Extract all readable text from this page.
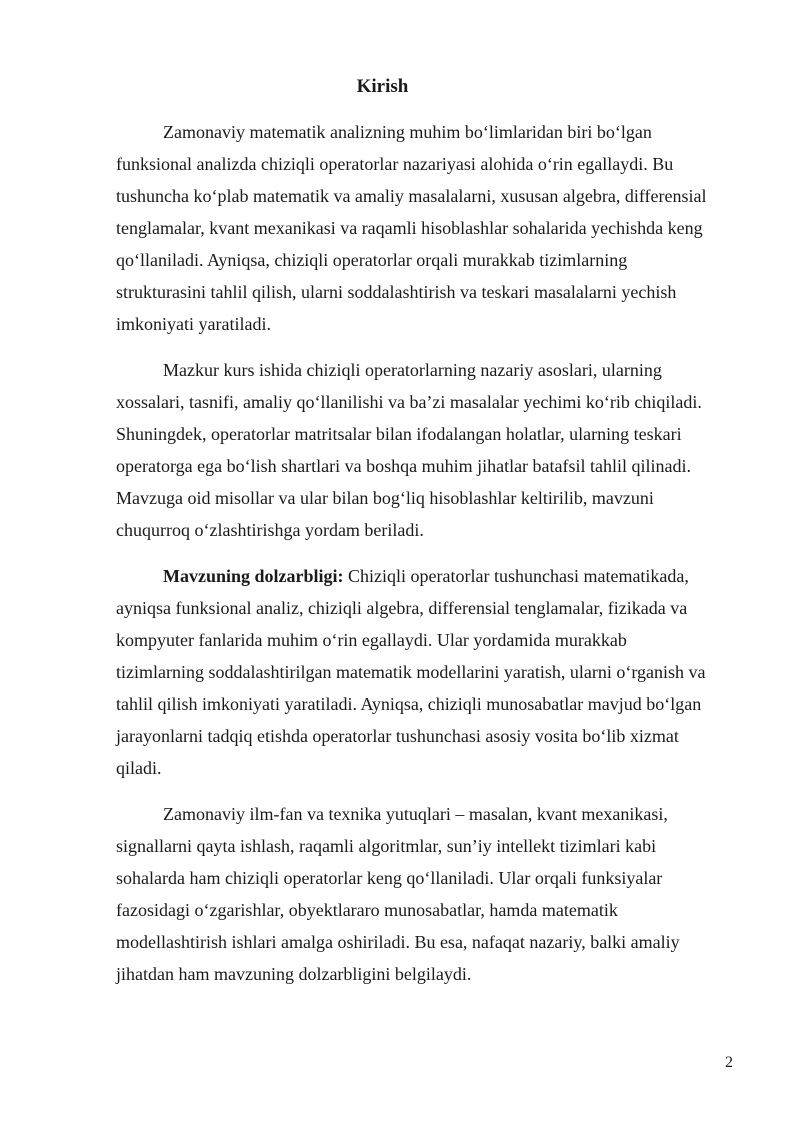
Kirish

Zamonaviy matematik analizning muhim bo‘limlaridan biri bo‘lgan
funksional analizda chiziqli operatorlar nazariyasi alohida o‘rin egallaydi. Bu
tushuncha ko‘plab matematik va amaliy masalalarni, xususan algebra, differensial
tenglamalar, kvant mexanikasi va raqamli hisoblashlar sohalarida yechishda keng
qo‘llaniladi. Ayniqsa, chiziqli operatorlar orqali murakkab tizimlarning
strukturasini tahlil qilish, ularni soddalashtirish va teskari masalalarni yechish
imkoniyati yaratiladi.

Mazkur kurs ishida chiziqli operatorlarning nazariy asoslari, ularning
xossalari, tasnifi, amaliy qo‘llanilishi va ba’zi masalalar yechimi ko‘rib chiqiladi.
Shuningdek, operatorlar matritsalar bilan ifodalangan holatlar, ularning teskari
operatorga ega bo‘lish shartlari va boshqa muhim jihatlar batafsil tahlil qilinadi.
Mavzuga oid misollar va ular bilan bog‘liq hisoblashlar keltirilib, mavzuni
chuqurroq o‘zlashtirishga yordam beriladi.

Mavzuning dolzarbligi: Chiziqli operatorlar tushunchasi matematikada,
ayniqsa funksional analiz, chiziqli algebra, differensial tenglamalar, fizikada va
kompyuter fanlarida muhim o‘rin egallaydi. Ular yordamida murakkab
tizimlarning soddalashtirilgan matematik modellarini yaratish, ularni o‘rganish va
tahlil qilish imkoniyati yaratiladi. Ayniqsa, chiziqli munosabatlar mavjud bo‘lgan
jarayonlarni tadqiq etishda operatorlar tushunchasi asosiy vosita bo‘lib xizmat
qiladi.

Zamonaviy ilm-fan va texnika yutuqlari – masalan, kvant mexanikasi,
signallarni qayta ishlash, raqamli algoritmlar, sun’iy intellekt tizimlari kabi
sohalarda ham chiziqli operatorlar keng qo‘llaniladi. Ular orqali funksiyalar
fazosidagi o‘zgarishlar, obyektlararo munosabatlar, hamda matematik
modellashtirish ishlari amalga oshiriladi. Bu esa, nafaqat nazariy, balki amaliy
jihatdan ham mavzuning dolzarbligini belgilaydi.

2
